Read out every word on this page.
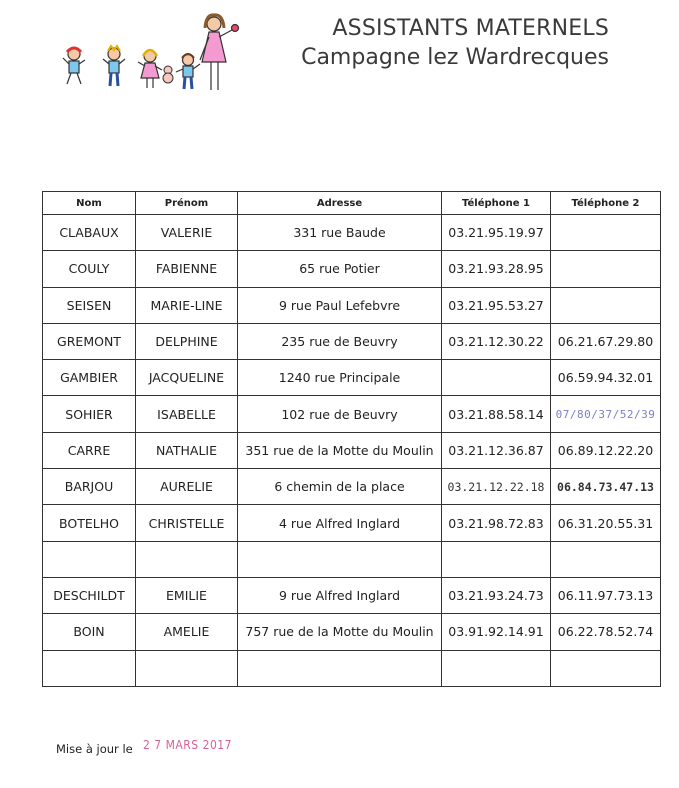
ASSISTANTS MATERNELS
Campagne lez Wardrecques
Nom	Prénom	Adresse	Téléphone 1	Téléphone 2
CLABAUX	VALERIE	331 rue Baude	03.21.95.19.97	
COULY	FABIENNE	65 rue Potier	03.21.93.28.95	
SEISEN	MARIE-LINE	9 rue Paul Lefebvre	03.21.95.53.27	
GREMONT	DELPHINE	235 rue de Beuvry	03.21.12.30.22	06.21.67.29.80
GAMBIER	JACQUELINE	1240 rue Principale		06.59.94.32.01
SOHIER	ISABELLE	102 rue de Beuvry	03.21.88.58.14	07/80/37/52/39
CARRE	NATHALIE	351 rue de la Motte du Moulin	03.21.12.36.87	06.89.12.22.20
BARJOU	AURELIE	6 chemin de la place	03.21.12.22.18	06.84.73.47.13
BOTELHO	CHRISTELLE	4 rue Alfred Inglard	03.21.98.72.83	06.31.20.55.31

DESCHILDT	EMILIE	9 rue Alfred Inglard	03.21.93.24.73	06.11.97.73.13
BOIN	AMELIE	757 rue de la Motte du Moulin	03.91.92.14.91	06.22.78.52.74

Mise à jour le 2 7 MARS 2017
